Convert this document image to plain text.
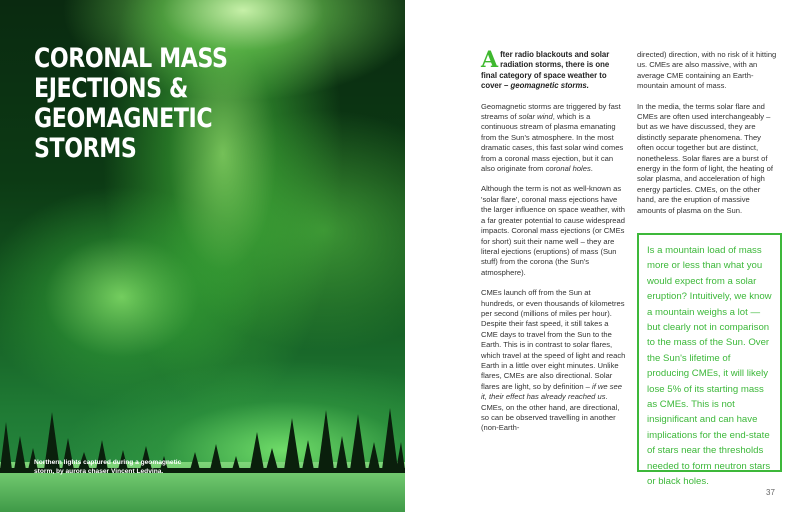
CORONAL MASS EJECTIONS & GEOMAGNETIC STORMS

Northern lights captured during a geomagnetic storm, by aurora chaser Vincent Ledvina.

After radio blackouts and solar radiation storms, there is one final category of space weather to cover – geomagnetic storms.

Geomagnetic storms are triggered by fast streams of solar wind, which is a continuous stream of plasma emanating from the Sun's atmosphere. In the most dramatic cases, this fast solar wind comes from a coronal mass ejection, but it can also originate from coronal holes.

Although the term is not as well-known as 'solar flare', coronal mass ejections have the larger influence on space weather, with a far greater potential to cause widespread impacts. Coronal mass ejections (or CMEs for short) suit their name well – they are literal ejections (eruptions) of mass (Sun stuff) from the corona (the Sun's atmosphere).

CMEs launch off from the Sun at hundreds, or even thousands of kilometres per second (millions of miles per hour). Despite their fast speed, it still takes a CME days to travel from the Sun to the Earth. This is in contrast to solar flares, which travel at the speed of light and reach Earth in a little over eight minutes. Unlike flares, CMEs are also directional. Solar flares are light, so by definition – if we see it, their effect has already reached us. CMEs, on the other hand, are directional, so can be observed travelling in another (non-Earth-

directed) direction, with no risk of it hitting us. CMEs are also massive, with an average CME containing an Earth-mountain amount of mass.

In the media, the terms solar flare and CMEs are often used interchangeably – but as we have discussed, they are distinctly separate phenomena. They often occur together but are distinct, nonetheless. Solar flares are a burst of energy in the form of light, the heating of solar plasma, and acceleration of high energy particles. CMEs, on the other hand, are the eruption of massive amounts of plasma on the Sun.

Is a mountain load of mass more or less than what you would expect from a solar eruption? Intuitively, we know a mountain weighs a lot — but clearly not in comparison to the mass of the Sun. Over the Sun's lifetime of producing CMEs, it will likely lose 5% of its starting mass as CMEs. This is not insignificant and can have implications for the end-state of stars near the thresholds needed to form neutron stars or black holes.
37
